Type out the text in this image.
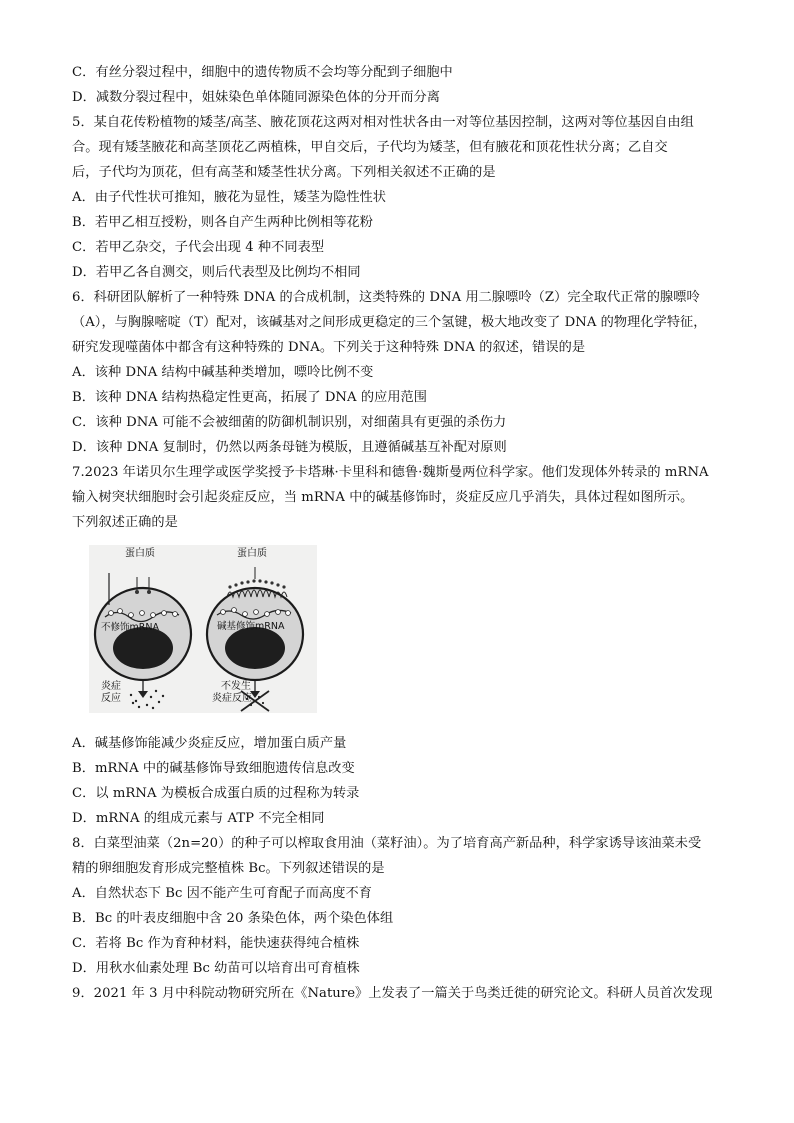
C．有丝分裂过程中，细胞中的遗传物质不会均等分配到子细胞中
D．减数分裂过程中，姐妹染色单体随同源染色体的分开而分离
5．某自花传粉植物的矮茎/高茎、腋花顶花这两对相对性状各由一对等位基因控制，这两对等位基因自由组
合。现有矮茎腋花和高茎顶花乙两植株，甲自交后，子代均为矮茎，但有腋花和顶花性状分离；乙自交
后，子代均为顶花，但有高茎和矮茎性状分离。下列相关叙述不正确的是
A．由子代性状可推知，腋花为显性，矮茎为隐性性状
B．若甲乙相互授粉，则各自产生两种比例相等花粉
C．若甲乙杂交，子代会出现 4 种不同表型
D．若甲乙各自测交，则后代表型及比例均不相同
6．科研团队解析了一种特殊 DNA 的合成机制，这类特殊的 DNA 用二腺嘌呤（Z）完全取代正常的腺嘌呤
（A），与胸腺嘧啶（T）配对，该碱基对之间形成更稳定的三个氢键，极大地改变了 DNA 的物理化学特征，
研究发现噬菌体中都含有这种特殊的 DNA。下列关于这种特殊 DNA 的叙述，错误的是
A．该种 DNA 结构中碱基种类增加，嘌呤比例不变
B．该种 DNA 结构热稳定性更高，拓展了 DNA 的应用范围
C．该种 DNA 可能不会被细菌的防御机制识别，对细菌具有更强的杀伤力
D．该种 DNA 复制时，仍然以两条母链为模版，且遵循碱基互补配对原则
7.2023 年诺贝尔生理学或医学奖授予卡塔琳·卡里科和德鲁·魏斯曼两位科学家。他们发现体外转录的 mRNA
输入树突状细胞时会引起炎症反应，当 mRNA 中的碱基修饰时，炎症反应几乎消失，具体过程如图所示。
下列叙述正确的是
蛋白质	蛋白质
不修饰mRNA	碱基修饰mRNA
炎症
反应
不发生
炎症反应
A．碱基修饰能减少炎症反应，增加蛋白质产量
B．mRNA 中的碱基修饰导致细胞遗传信息改变
C．以 mRNA 为模板合成蛋白质的过程称为转录
D．mRNA 的组成元素与 ATP 不完全相同
8．白菜型油菜（2n=20）的种子可以榨取食用油（菜籽油）。为了培育高产新品种，科学家诱导该油菜未受
精的卵细胞发育形成完整植株 Bc。下列叙述错误的是
A．自然状态下 Bc 因不能产生可育配子而高度不育
B．Bc 的叶表皮细胞中含 20 条染色体，两个染色体组
C．若将 Bc 作为育种材料，能快速获得纯合植株
D．用秋水仙素处理 Bc 幼苗可以培育出可育植株
9．2021 年 3 月中科院动物研究所在《Nature》上发表了一篇关于鸟类迁徙的研究论文。科研人员首次发现
